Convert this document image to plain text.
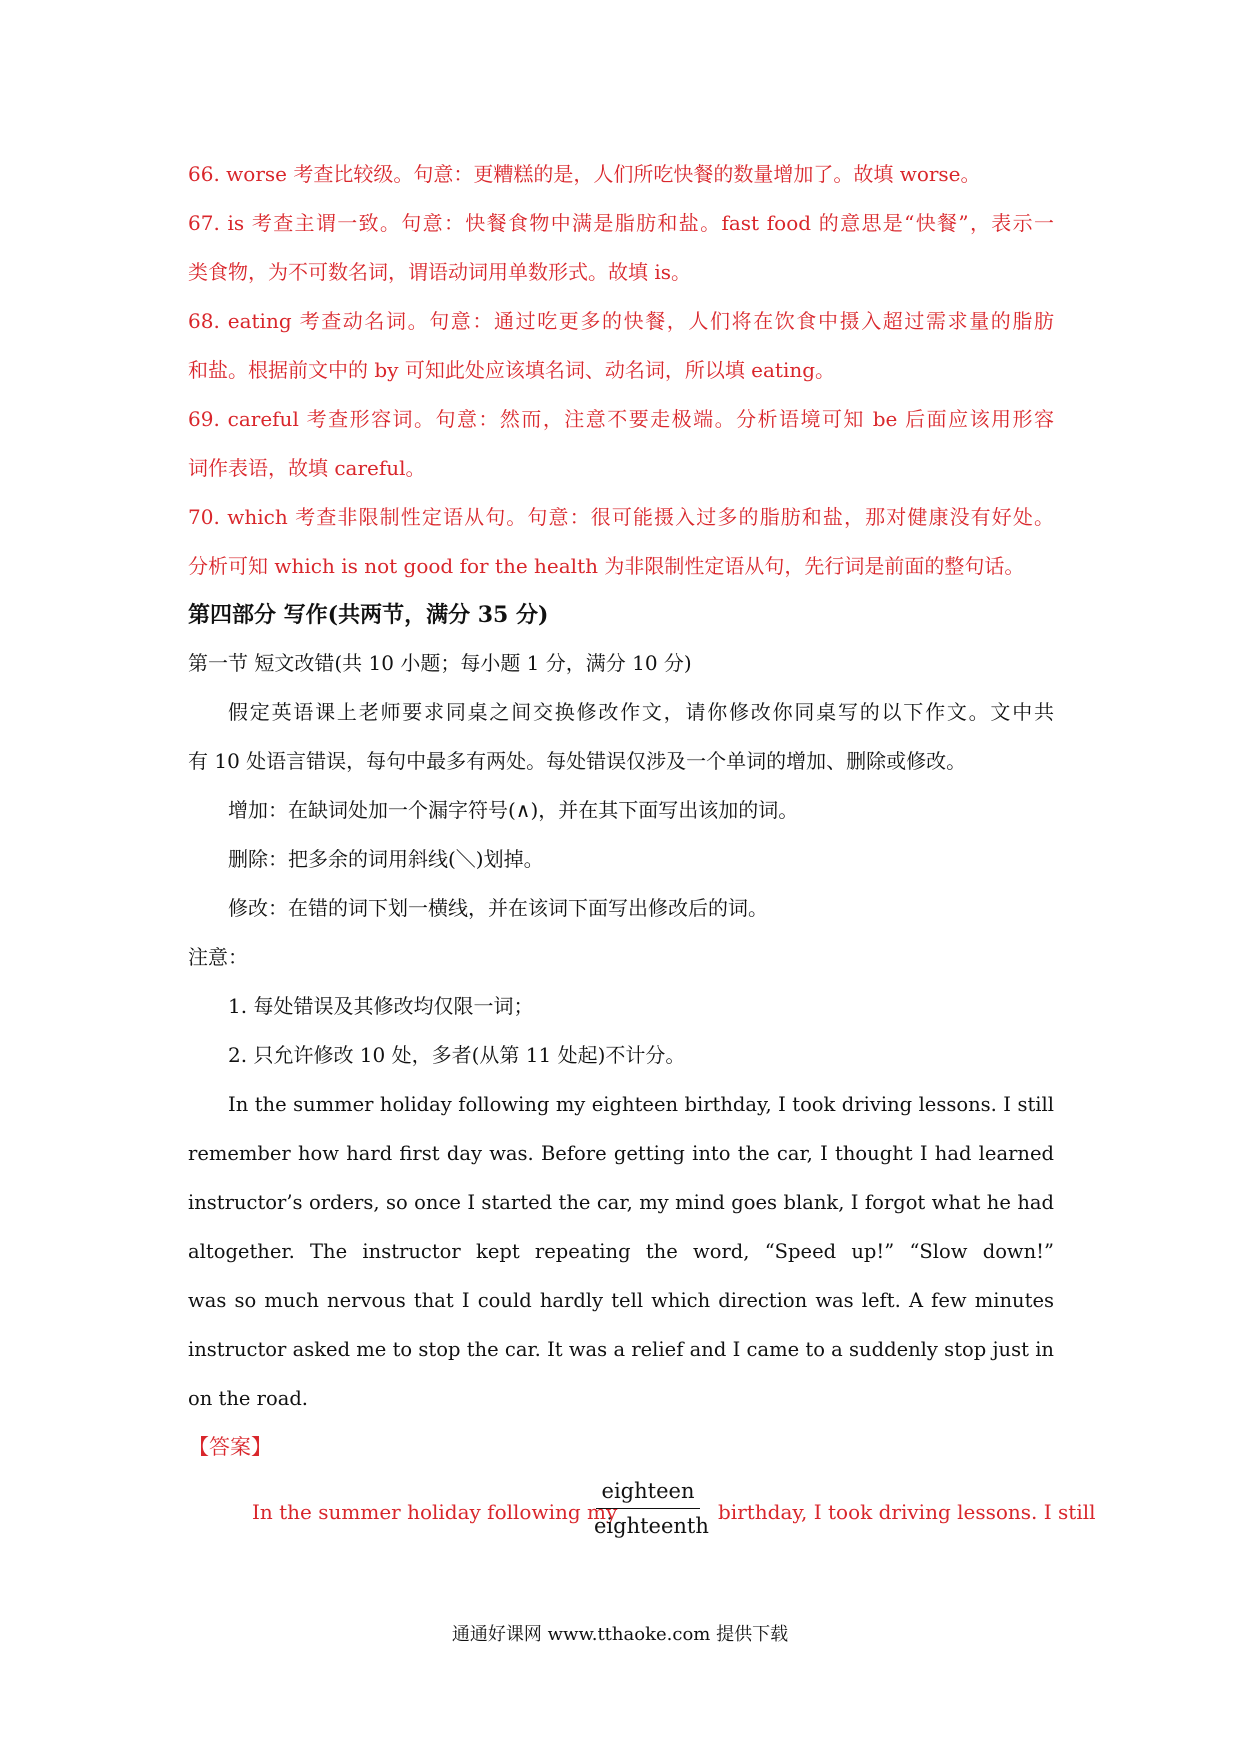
66. worse 考查比较级。句意：更糟糕的是，人们所吃快餐的数量增加了。故填 worse。
67. is 考查主谓一致。句意：快餐食物中满是脂肪和盐。fast food 的意思是“快餐”，表示一
类食物，为不可数名词，谓语动词用单数形式。故填 is。
68. eating 考查动名词。句意：通过吃更多的快餐，人们将在饮食中摄入超过需求量的脂肪
和盐。根据前文中的 by 可知此处应该填名词、动名词，所以填 eating。
69. careful 考查形容词。句意：然而，注意不要走极端。分析语境可知 be 后面应该用形容
词作表语，故填 careful。
70. which 考查非限制性定语从句。句意：很可能摄入过多的脂肪和盐，那对健康没有好处。
分析可知 which is not good for the health 为非限制性定语从句，先行词是前面的整句话。
第四部分 写作(共两节，满分 35 分)
第一节 短文改错(共 10 小题；每小题 1 分，满分 10 分)
假定英语课上老师要求同桌之间交换修改作文，请你修改你同桌写的以下作文。文中共
有 10 处语言错误，每句中最多有两处。每处错误仅涉及一个单词的增加、删除或修改。
增加：在缺词处加一个漏字符号(∧)，并在其下面写出该加的词。
删除：把多余的词用斜线(＼)划掉。
修改：在错的词下划一横线，并在该词下面写出修改后的词。
注意：
1. 每处错误及其修改均仅限一词；
2. 只允许修改 10 处，多者(从第 11 处起)不计分。
In the summer holiday following my eighteen birthday, I took driving lessons. I still
remember how hard first day was. Before getting into the car, I thought I had learned
instructor’s orders, so once I started the car, my mind goes blank, I forgot what he had
altogether. The instructor kept repeating the word, “Speed up!” “Slow down!”
was so much nervous that I could hardly tell which direction was left. A few minutes
instructor asked me to stop the car. It was a relief and I came to a suddenly stop just in
on the road.
【答案】
In the summer holiday following my
eighteen
eighteenth
birthday, I took driving lessons. I still
通通好课网 www.tthaoke.com 提供下载
